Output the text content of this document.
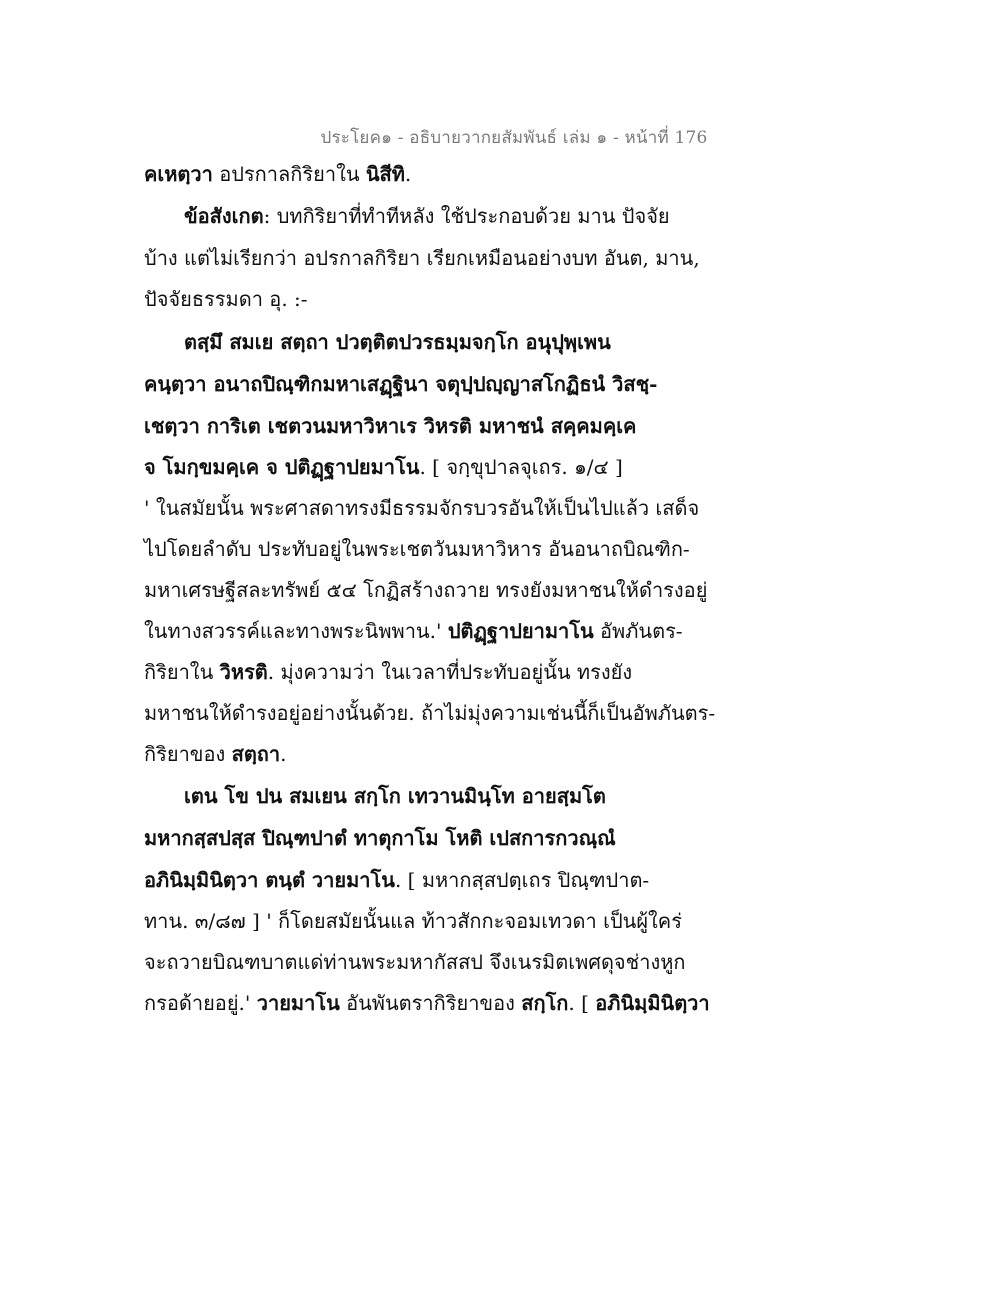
ประโยค๑ - อธิบายวากยสัมพันธ์ เล่ม ๑ - หน้าที่ 176
คเหตฺวา อปรกาลกิริยาใน นิสีทิ.
ข้อสังเกต: บทกิริยาที่ทำทีหลัง ใช้ประกอบด้วย มาน ปัจจัย
บ้าง แต่ไม่เรียกว่า อปรกาลกิริยา เรียกเหมือนอย่างบท อันต, มาน,
ปัจจัยธรรมดา อุ. :-
ตสฺมึ สมเย สตฺถา ปวตฺติตปวรธมฺมจกฺโก อนุปุพฺเพน
คนฺตฺวา อนาถปิณฺฑิกมหาเสฏฺฐินา จตุปฺปญฺญาสโกฏิธนํ วิสชฺ-
เชตฺวา การิเต เชตวนมหาวิหาเร วิหรติ มหาชนํ สคฺคมคฺเค
จ โมกฺขมคฺเค จ ปติฏฺฐาปยมาโน. [ จกฺขุปาลจุเถร. ๑/๔ ]
' ในสมัยนั้น พระศาสดาทรงมีธรรมจักรบวรอันให้เป็นไปแล้ว เสด็จ
ไปโดยลำดับ ประทับอยู่ในพระเชตวันมหาวิหาร อันอนาถบิณฑิก-
มหาเศรษฐีสละทรัพย์ ๕๔ โกฏิสร้างถวาย ทรงยังมหาชนให้ดำรงอยู่
ในทางสวรรค์และทางพระนิพพาน.' ปติฏฺฐาปยามาโน อัพภันตร-
กิริยาใน วิหรติ. มุ่งความว่า ในเวลาที่ประทับอยู่นั้น ทรงยัง
มหาชนให้ดำรงอยู่อย่างนั้นด้วย. ถ้าไม่มุ่งความเช่นนี้ก็เป็นอัพภันตร-
กิริยาของ สตฺถา.
เตน โข ปน สมเยน สกฺโก เทวานมินฺโท อายสฺมโต
มหากสฺสปสฺส ปิณฺฑปาตํ ทาตุกาโม โหติ เปสการกวณฺณํ
อภินิมฺมินิตฺวา ตนฺตํ วายมาโน. [ มหากสฺสปตฺเถร ปิณฺฑปาต-
ทาน. ๓/๘๗ ] ' ก็โดยสมัยนั้นแล ท้าวสักกะจอมเทวดา เป็นผู้ใคร่
จะถวายบิณฑบาตแด่ท่านพระมหากัสสป จึงเนรมิตเพศดุจช่างหูก
กรอด้ายอยู่.' วายมาโน อันพันตรากิริยาของ สกฺโก. [ อภินิมฺมินิตฺวา
